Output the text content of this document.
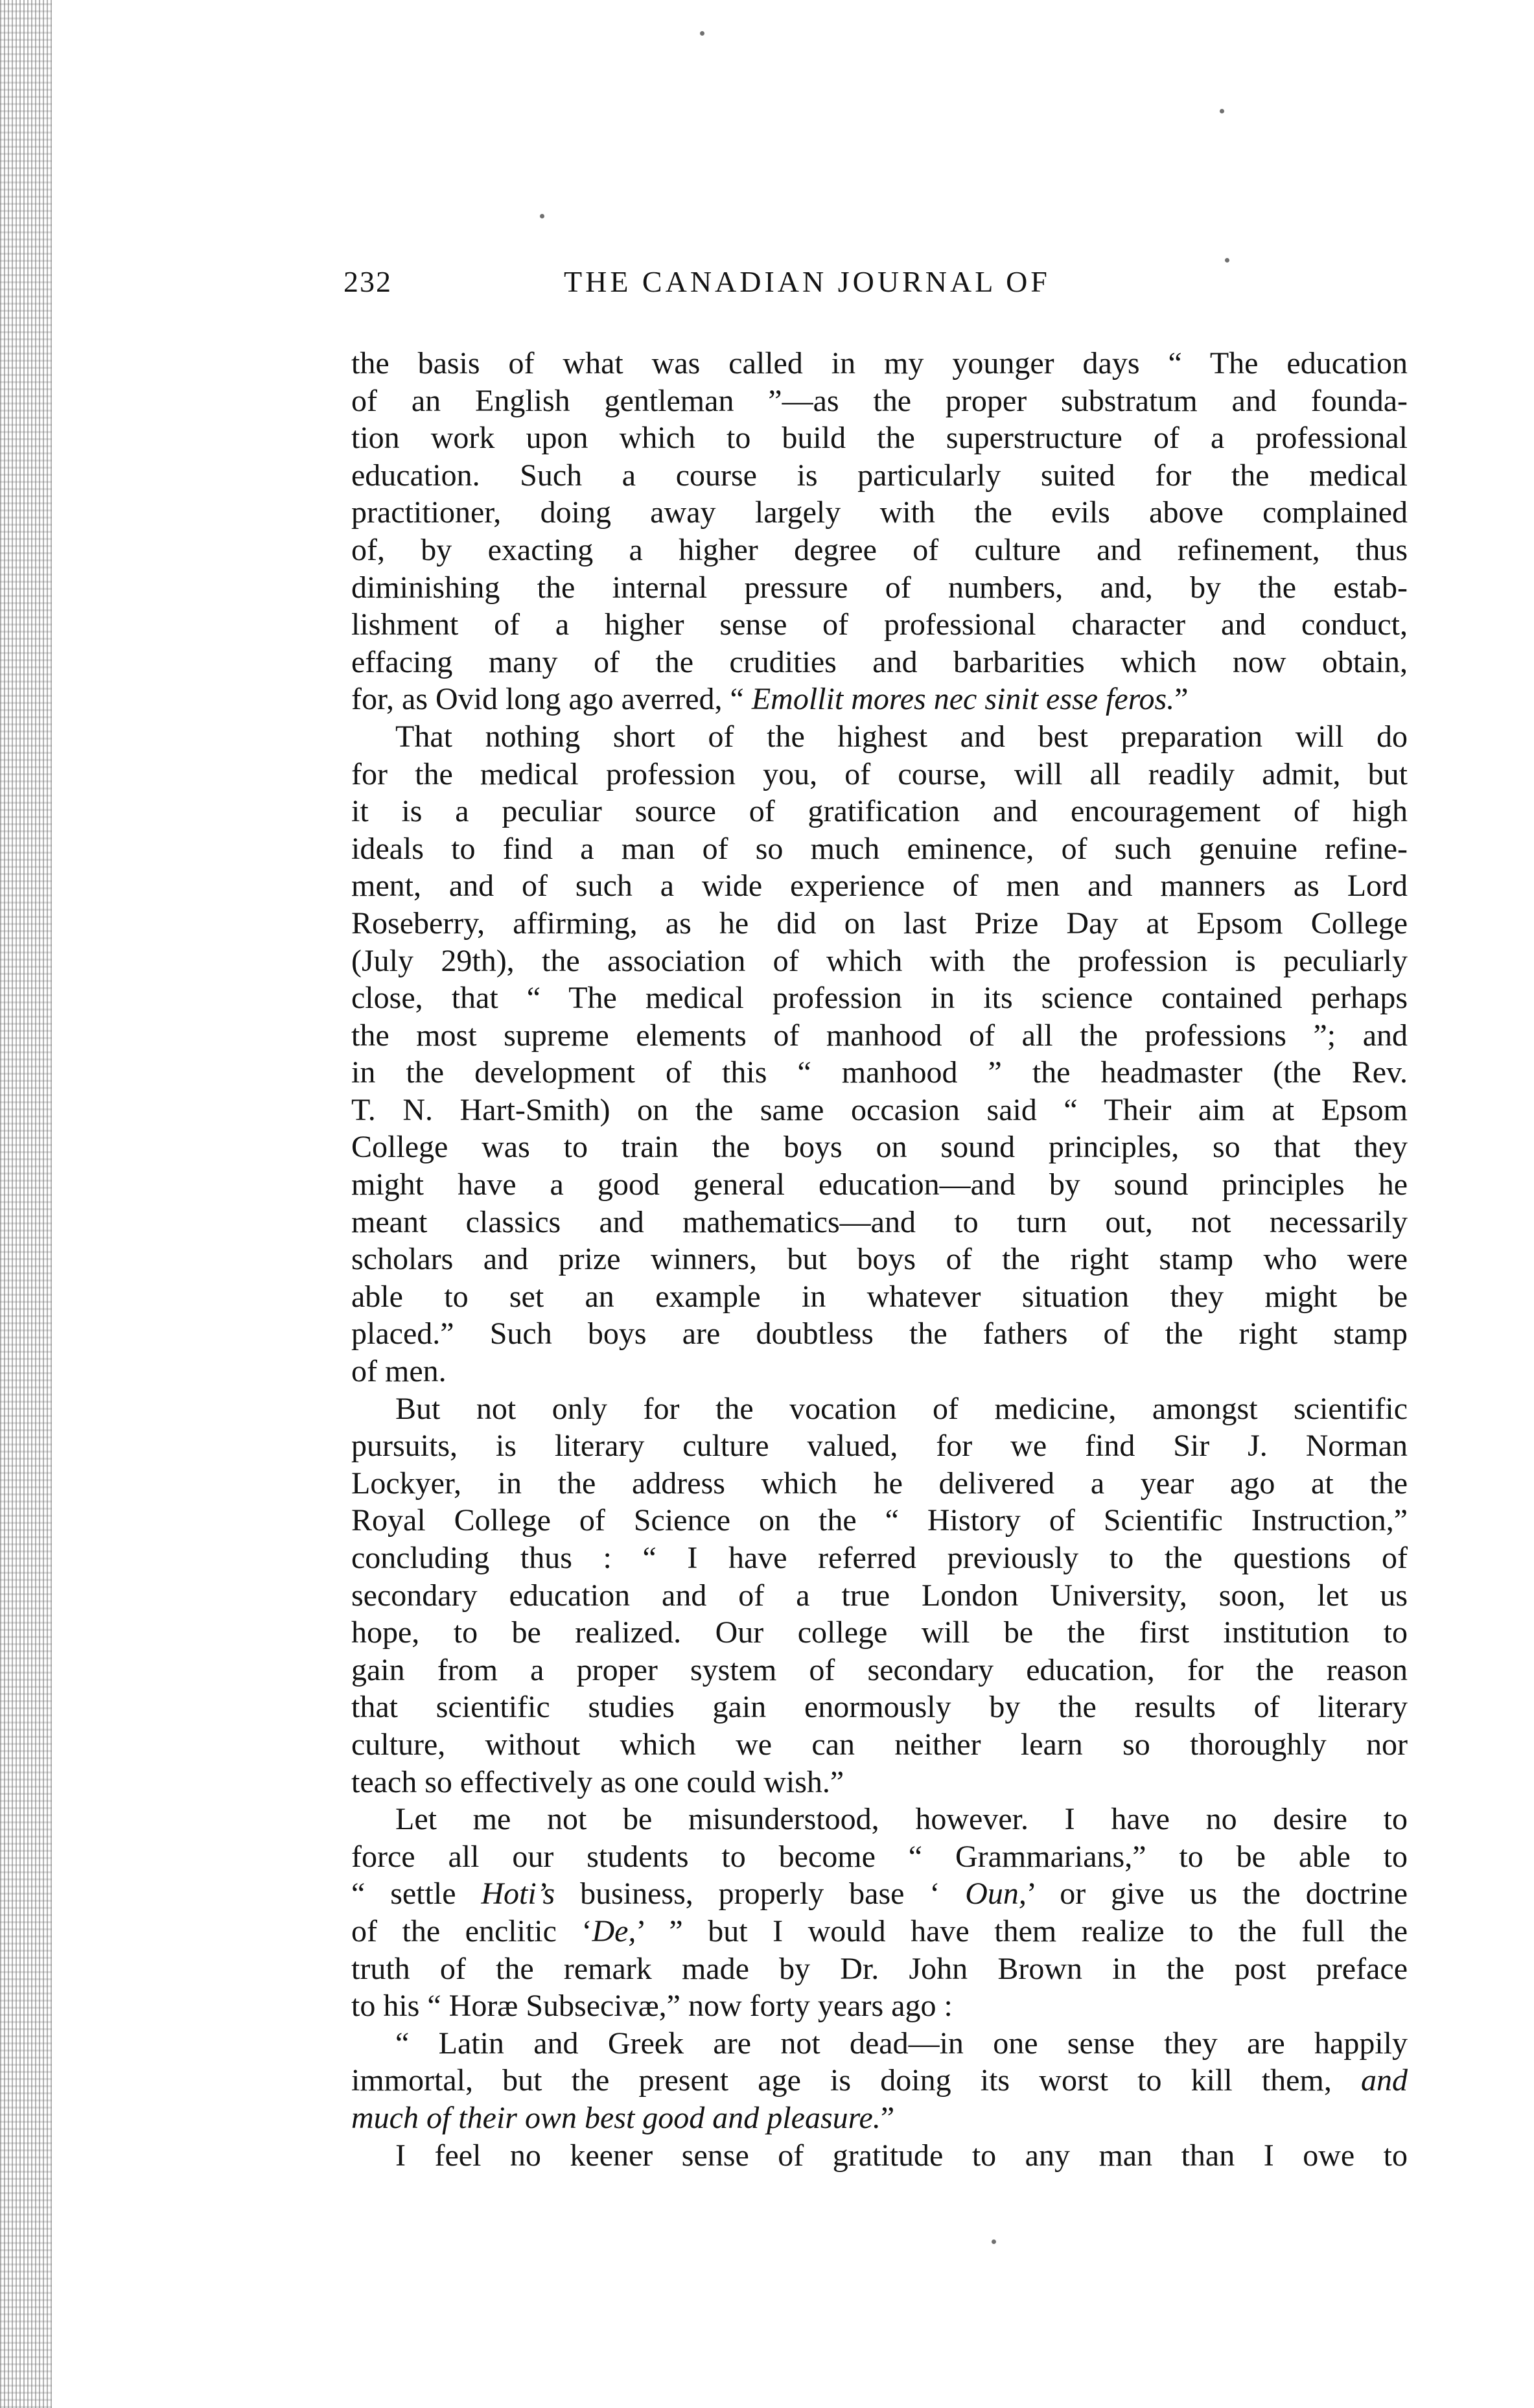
232	THE CANADIAN JOURNAL OF
the basis of what was called in my younger days “ The education
of an English gentleman ”—as the proper substratum and founda-
tion work upon which to build the superstructure of a professional
education. Such a course is particularly suited for the medical
practitioner, doing away largely with the evils above complained
of, by exacting a higher degree of culture and refinement, thus
diminishing the internal pressure of numbers, and, by the estab-
lishment of a higher sense of professional character and conduct,
effacing many of the crudities and barbarities which now obtain,
for, as Ovid long ago averred, “ Emollit mores nec sinit esse feros.”
That nothing short of the highest and best preparation will do
for the medical profession you, of course, will all readily admit, but
it is a peculiar source of gratification and encouragement of high
ideals to find a man of so much eminence, of such genuine refine-
ment, and of such a wide experience of men and manners as Lord
Roseberry, affirming, as he did on last Prize Day at Epsom College
(July 29th), the association of which with the profession is peculiarly
close, that “ The medical profession in its science contained perhaps
the most supreme elements of manhood of all the professions ”; and
in the development of this “ manhood ” the headmaster (the Rev.
T. N. Hart-Smith) on the same occasion said “ Their aim at Epsom
College was to train the boys on sound principles, so that they
might have a good general education—and by sound principles he
meant classics and mathematics—and to turn out, not necessarily
scholars and prize winners, but boys of the right stamp who were
able to set an example in whatever situation they might be
placed.” Such boys are doubtless the fathers of the right stamp
of men.
But not only for the vocation of medicine, amongst scientific
pursuits, is literary culture valued, for we find Sir J. Norman
Lockyer, in the address which he delivered a year ago at the
Royal College of Science on the “ History of Scientific Instruction,”
concluding thus : “ I have referred previously to the questions of
secondary education and of a true London University, soon, let us
hope, to be realized. Our college will be the first institution to
gain from a proper system of secondary education, for the reason
that scientific studies gain enormously by the results of literary
culture, without which we can neither learn so thoroughly nor
teach so effectively as one could wish.”
Let me not be misunderstood, however. I have no desire to
force all our students to become “ Grammarians,” to be able to
“ settle Hoti’s business, properly base ‘ Oun,’ or give us the doctrine
of the enclitic ‘De,’ ” but I would have them realize to the full the
truth of the remark made by Dr. John Brown in the post preface
to his “ Horæ Subsecivæ,” now forty years ago :
“ Latin and Greek are not dead—in one sense they are happily
immortal, but the present age is doing its worst to kill them, and
much of their own best good and pleasure.”
I feel no keener sense of gratitude to any man than I owe to
